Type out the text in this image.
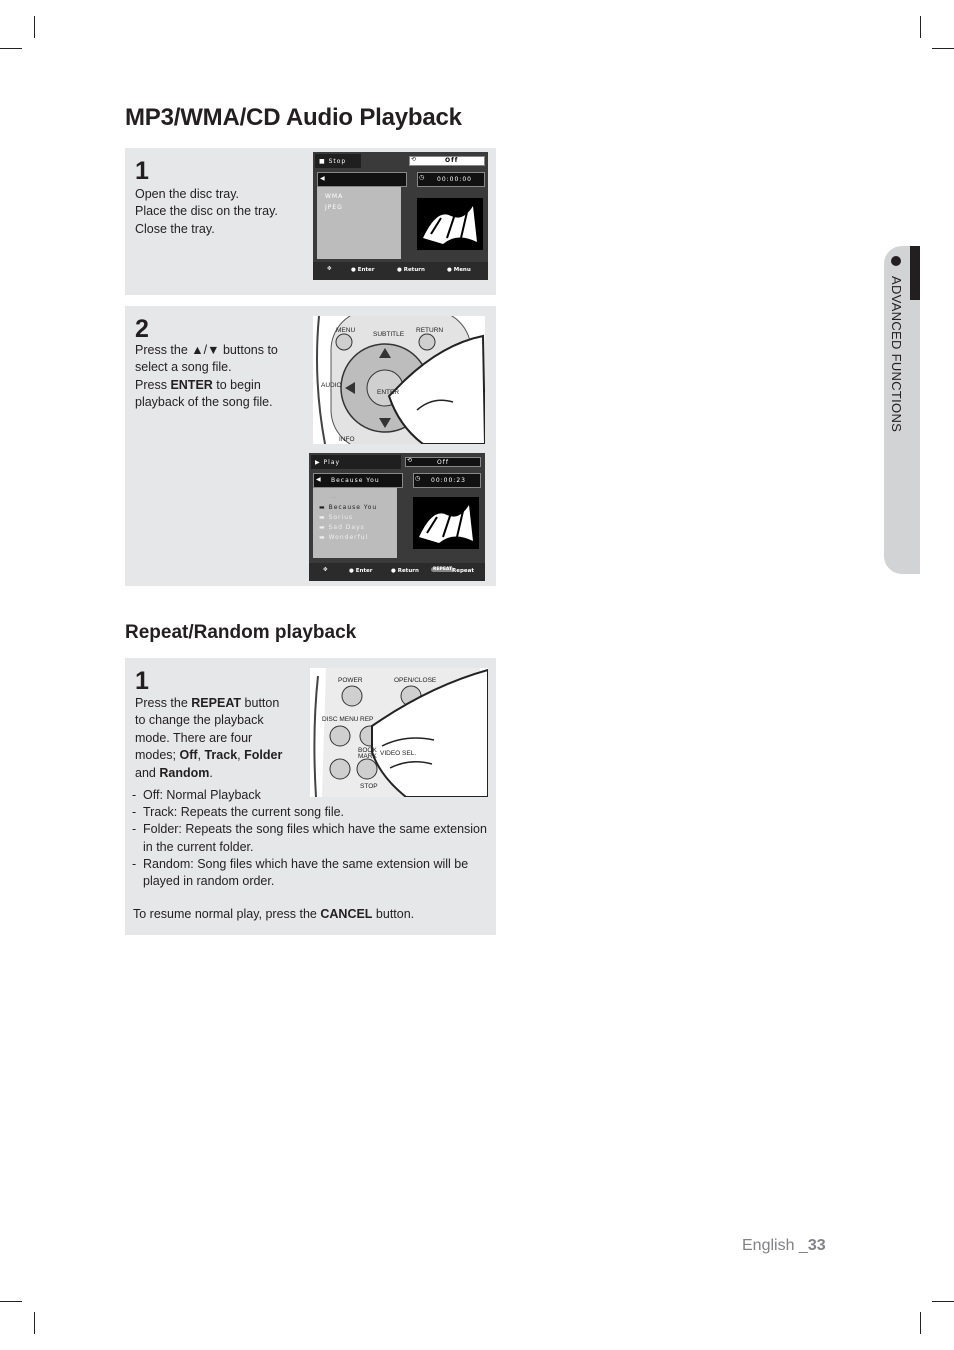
MP3/WMA/CD Audio Playback
1
Open the disc tray.
Place the disc on the tray.
Close the tray.
■ Stop	⟲	Off
◀
WMA
JPEG
◷ 00:00:00
✥	● Enter	● Return	● Menu
2
Press the ▲/▼ buttons to
select a song file.
Press ENTER to begin
playback of the song file.
MENU
SUBTITLE
RETURN
AUDIO
ENTER
INFO
▶ Play	⟲	Off
◀ Because You
..
▬ Because You
▬ Sorius
▬ Sad Days
▬ Wonderful
◷ 00:00:23
✥	● Enter	● Return	REPEAT Repeat
Repeat/Random playback
1
Press the REPEAT button
to change the playback
mode. There are four
modes; Off, Track, Folder
and Random.
POWER	OPEN/CLOSE
DISC MENU REP
BOOK MARK VIDEO SEL.
STOP
- Off: Normal Playback
- Track: Repeats the current song file.
- Folder: Repeats the song files which have the same extension in the current folder.
- Random: Song files which have the same extension will be played in random order.
To resume normal play, press the CANCEL button.
ADVANCED FUNCTIONS
English _33
